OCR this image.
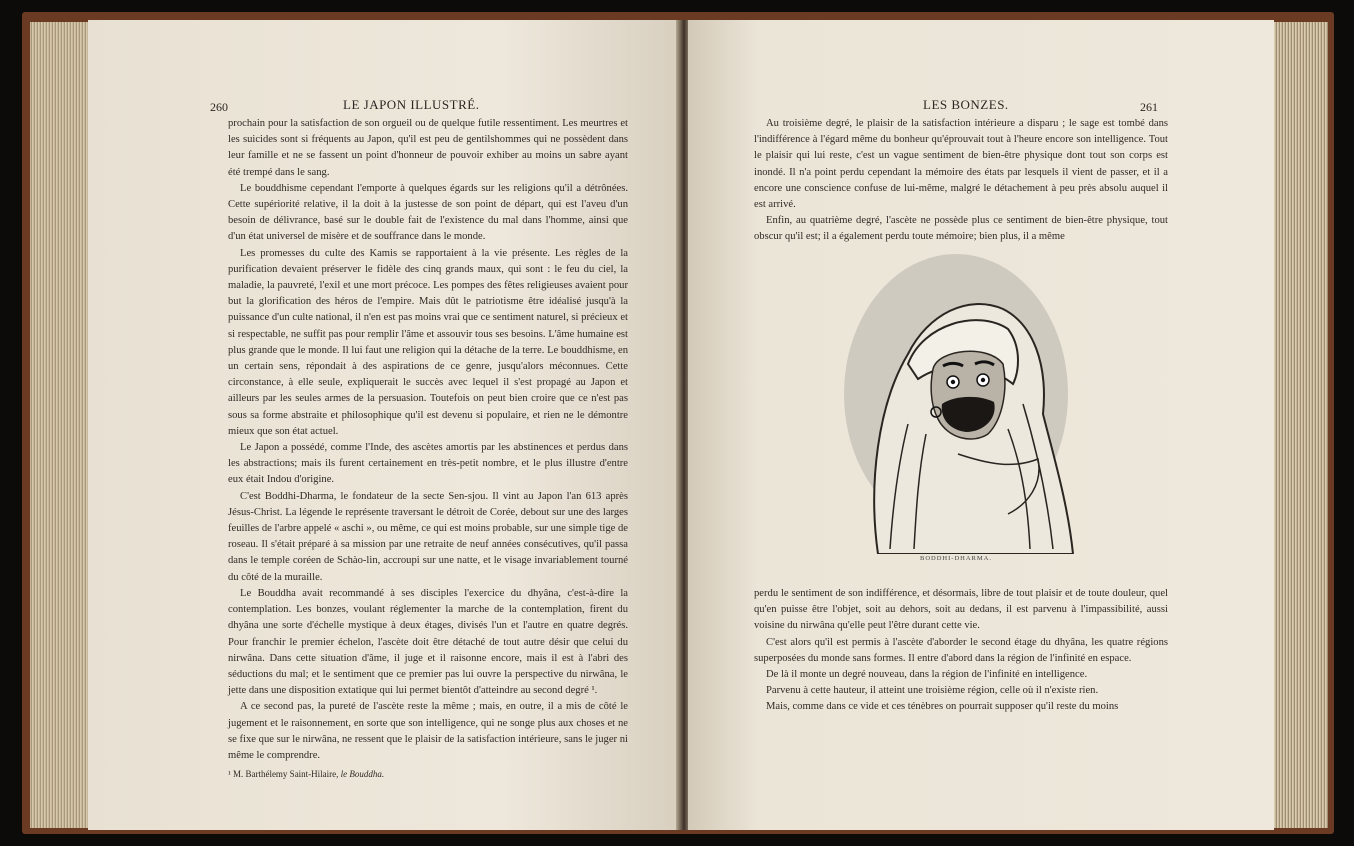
260	LE JAPON ILLUSTRÉ.

prochain pour la satisfaction de son orgueil ou de quelque futile ressentiment. Les meurtres et les suicides sont si fréquents au Japon, qu'il est peu de gentilshommes qui ne possèdent dans leur famille et ne se fassent un point d'honneur de pouvoir exhiber au moins un sabre ayant été trempé dans le sang.

Le bouddhisme cependant l'emporte à quelques égards sur les religions qu'il a détrônées. Cette supériorité relative, il la doit à la justesse de son point de départ, qui est l'aveu d'un besoin de délivrance, basé sur le double fait de l'existence du mal dans l'homme, ainsi que d'un état universel de misère et de souffrance dans le monde.

Les promesses du culte des Kamis se rapportaient à la vie présente. Les règles de la purification devaient préserver le fidèle des cinq grands maux, qui sont : le feu du ciel, la maladie, la pauvreté, l'exil et une mort précoce. Les pompes des fêtes religieuses avaient pour but la glorification des héros de l'empire. Mais dût le patriotisme être idéalisé jusqu'à la puissance d'un culte national, il n'en est pas moins vrai que ce sentiment naturel, si précieux et si respectable, ne suffit pas pour remplir l'âme et assouvir tous ses besoins. L'âme humaine est plus grande que le monde. Il lui faut une religion qui la détache de la terre. Le bouddhisme, en un certain sens, répondait à des aspirations de ce genre, jusqu'alors méconnues. Cette circonstance, à elle seule, expliquerait le succès avec lequel il s'est propagé au Japon et ailleurs par les seules armes de la persuasion. Toutefois on peut bien croire que ce n'est pas sous sa forme abstraite et philosophique qu'il est devenu si populaire, et rien ne le démontre mieux que son état actuel.

Le Japon a possédé, comme l'Inde, des ascètes amortis par les abstinences et perdus dans les abstractions; mais ils furent certainement en très-petit nombre, et le plus illustre d'entre eux était Indou d'origine.

C'est Boddhi-Dharma, le fondateur de la secte Sen-sjou. Il vint au Japon l'an 613 après Jésus-Christ. La légende le représente traversant le détroit de Corée, debout sur une des larges feuilles de l'arbre appelé « aschi », ou même, ce qui est moins probable, sur une simple tige de roseau. Il s'était préparé à sa mission par une retraite de neuf années consécutives, qu'il passa dans le temple coréen de Schào-lin, accroupi sur une natte, et le visage invariablement tourné du côté de la muraille.

Le Bouddha avait recommandé à ses disciples l'exercice du dhyâna, c'est-à-dire la contemplation. Les bonzes, voulant réglementer la marche de la contemplation, firent du dhyâna une sorte d'échelle mystique à deux étages, divisés l'un et l'autre en quatre degrés. Pour franchir le premier échelon, l'ascète doit être détaché de tout autre désir que celui du nirwâna. Dans cette situation d'âme, il juge et il raisonne encore, mais il est à l'abri des séductions du mal; et le sentiment que ce premier pas lui ouvre la perspective du nirwâna, le jette dans une disposition extatique qui lui permet bientôt d'atteindre au second degré ¹.

A ce second pas, la pureté de l'ascète reste la même ; mais, en outre, il a mis de côté le jugement et le raisonnement, en sorte que son intelligence, qui ne songe plus aux choses et ne se fixe que sur le nirwâna, ne ressent que le plaisir de la satisfaction intérieure, sans le juger ni même le comprendre.

¹ M. Barthélemy Saint-Hilaire, le Bouddha.
LES BONZES.	261

Au troisième degré, le plaisir de la satisfaction intérieure a disparu ; le sage est tombé dans l'indifférence à l'égard même du bonheur qu'éprouvait tout à l'heure encore son intelligence. Tout le plaisir qui lui reste, c'est un vague sentiment de bien-être physique dont tout son corps est inondé. Il n'a point perdu cependant la mémoire des états par lesquels il vient de passer, et il a encore une conscience confuse de lui-même, malgré le détachement à peu près absolu auquel il est arrivé.

Enfin, au quatrième degré, l'ascète ne possède plus ce sentiment de bien-être physique, tout obscur qu'il est; il a également perdu toute mémoire; bien plus, il a même

BODDHI-DHARMA.

perdu le sentiment de son indifférence, et désormais, libre de tout plaisir et de toute douleur, quel qu'en puisse être l'objet, soit au dehors, soit au dedans, il est parvenu à l'impassibilité, aussi voisine du nirwâna qu'elle peut l'être durant cette vie.

C'est alors qu'il est permis à l'ascète d'aborder le second étage du dhyâna, les quatre régions superposées du monde sans formes. Il entre d'abord dans la région de l'infinité en espace.

De là il monte un degré nouveau, dans la région de l'infinité en intelligence.

Parvenu à cette hauteur, il atteint une troisième région, celle où il n'existe rien.

Mais, comme dans ce vide et ces ténèbres on pourrait supposer qu'il reste du moins
